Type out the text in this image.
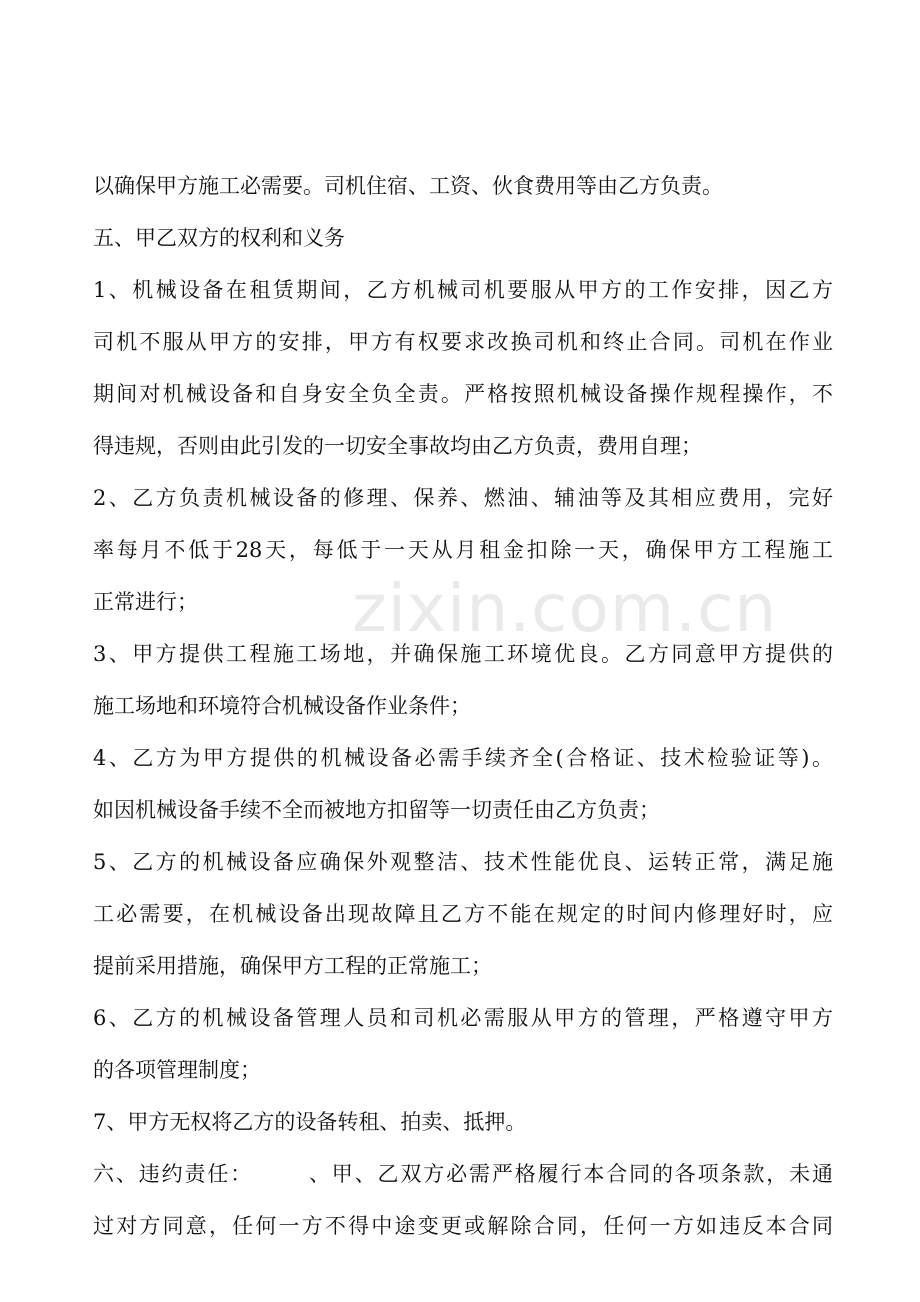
以确保甲方施工必需要。司机住宿、工资、伙食费用等由乙方负责。
五、甲乙双方的权利和义务
1、机械设备在租赁期间，乙方机械司机要服从甲方的工作安排，因乙方
司机不服从甲方的安排，甲方有权要求改换司机和终止合同。司机在作业
期间对机械设备和自身安全负全责。严格按照机械设备操作规程操作，不
得违规，否则由此引发的一切安全事故均由乙方负责，费用自理；
2、乙方负责机械设备的修理、保养、燃油、辅油等及其相应费用，完好
率每月不低于28天，每低于一天从月租金扣除一天，确保甲方工程施工
正常进行；
3、甲方提供工程施工场地，并确保施工环境优良。乙方同意甲方提供的
施工场地和环境符合机械设备作业条件；
4、乙方为甲方提供的机械设备必需手续齐全(合格证、技术检验证等)。
如因机械设备手续不全而被地方扣留等一切责任由乙方负责；
5、乙方的机械设备应确保外观整洁、技术性能优良、运转正常，满足施
工必需要，在机械设备出现故障且乙方不能在规定的时间内修理好时，应
提前采用措施，确保甲方工程的正常施工；
6、乙方的机械设备管理人员和司机必需服从甲方的管理，严格遵守甲方
的各项管理制度；
7、甲方无权将乙方的设备转租、拍卖、抵押。
六、违约责任：	、甲、乙双方必需严格履行本合同的各项条款，未通
过对方同意，任何一方不得中途变更或解除合同，任何一方如违反本合同
zixin.com.cn
